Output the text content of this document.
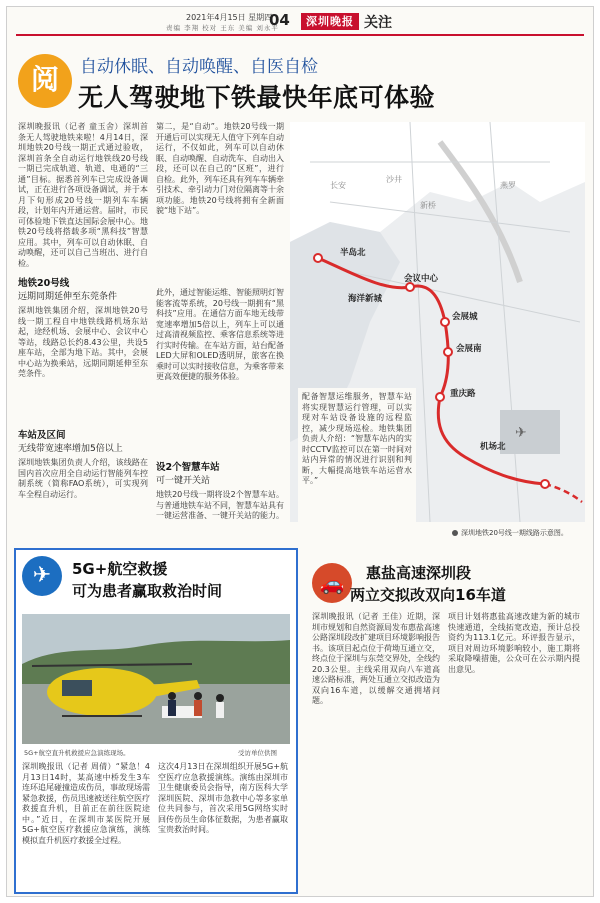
2021年4月15日 星期四
责编 李翔 校对 王东 美编 刘永平
04	深圳晚报 关注
阅	自动休眠、自动唤醒、自医自检
无人驾驶地下铁最快年底可体验
深圳晚报讯（记者 童玉舍）深圳首条无人驾驶地铁来啦！4月14日，深圳地铁20号线一期正式通过验收，深圳首条全自动运行地铁线20号线一期已完成轨道、轨道、电通的“三通”目标。据悉首列车已完成设备调试，正在进行各项设备调试，并于本月下旬形成20号线一期列车车辆段，计划年内开通运营。届时，市民可体验地下铁直达国际会展中心。地铁20号线将搭载多项“黑科技”智慧应用。其中，列车可以自动休眠、自动唤醒，还可以自己当班出、进行自检。
地铁20号线
远期同期延伸至东莞条件
深圳地铁集团介绍，深圳地铁20号线一期工程自中地铁线路机场东站起，途经机场、会展中心、会议中心等站，线路总长约8.43公里，共设5座车站，全部为地下站。其中，会展中心站为换乘站，远期同期延伸至东莞条件。
车站及区间
无线带宽速率增加5倍以上
深圳地铁集团负责人介绍，该线路在国内首次应用全自动运行智能列车控制系统（简称FAO系统），可实现列车全程自动运行。
第二，是“自动”。地铁20号线一期开通后可以实现无人值守下列车自动运行，不仅如此，列车可以自动休眠、自动唤醒、自动洗车、自动出入段，还可以在自己的“区班”，进行自检。此外，列车还具有列车车辆牵引技术、牵引动力门对位隔离等十余项功能。地铁20号线将拥有全新面貌“地下站”。
此外，通过智能运维、智能照明灯智能客流等系统，20号线一期拥有“黑科技”应用。在通信方面车地无线带宽速率增加5倍以上，列车上可以通过高清视频监控、乘客信息系统等进行实时传输。在车站方面，站台配备LED大屏和OLED透明屏，旅客在换乘时可以实时接收信息，为乘客带来更高效便捷的服务体验。
设2个智慧车站
可一键开关站
地铁20号线一期将设2个智慧车站。与普通地铁车站不同，智慧车站具有一键运营准备、一键开关站的能力。
✈
半岛北
沙井
新桥
长安	燕罗
会议中心
海洋新城
会展城
会展南
重庆路
机场北
配备智慧运维服务，智慧车站将实现智慧运行管理，可以实现对车站设备设施的远程监控，减少现场巡检。地铁集团负责人介绍：“智慧车站内的实时CCTV监控可以在第一时间对站内异常的情况进行识别和判断，大幅提高地铁车站运营水平。”
深圳地铁20号线一期线路示意图。
✈	5G+航空救援
可为患者赢取救治时间
5G+航空直升机救援应急演练现场。	受访单位供图
深圳晚报讯（记者 周倩）“紧急！4月13日14时，某高速中桥发生3车连环追尾碰撞造成伤员，事故现场需紧急救援，伤员迅速被送往航空医疗救援直升机，目前正在前往医院途中。”近日，在深圳市某医院开展5G+航空医疗救援应急演练，演练模拟直升机医疗救援全过程。
这次4月13日在深圳组织开展5G+航空医疗应急救援演练。演练由深圳市卫生健康委员会指导，南方医科大学深圳医院、深圳市急救中心等多家单位共同参与，首次采用5G网络实时回传伤员生命体征数据，为患者赢取宝贵救治时间。
🚗	惠盐高速深圳段
两立交拟改双向16车道
深圳晚报讯（记者 王佳）近期，深圳市规划和自然资源局发布惠盐高速公路深圳段改扩建项目环境影响报告书。该项目起点位于荷坳互通立交，终点位于深圳与东莞交界处，全线约20.3公里。主线采用双向八车道高速公路标准，两处互通立交拟改造为双向16车道，以缓解交通拥堵问题。
项目计划将惠盐高速改建为新的城市快速通道，全线拓宽改造，预计总投资约为113.1亿元。环评报告显示，项目对周边环境影响较小，施工期将采取降噪措施，公众可在公示期内提出意见。
